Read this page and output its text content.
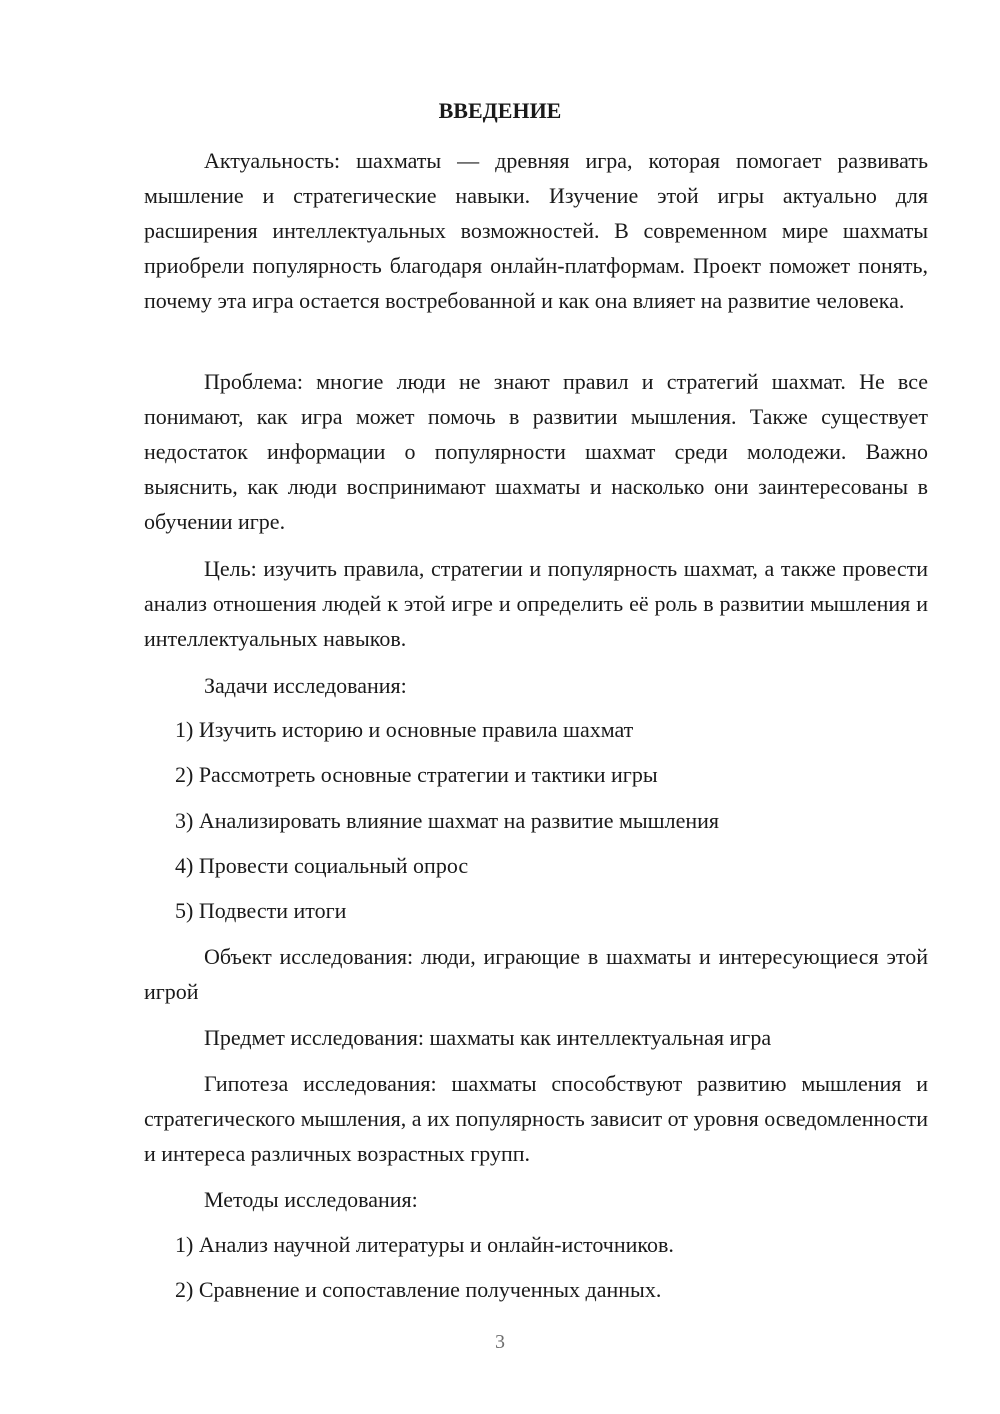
ВВЕДЕНИЕ

Актуальность: шахматы — древняя игра, которая помогает развивать мышление и стратегические навыки. Изучение этой игры актуально для расширения интеллектуальных возможностей. В современном мире шахматы приобрели популярность благодаря онлайн-платформам. Проект поможет понять, почему эта игра остается востребованной и как она влияет на развитие человека.

Проблема: многие люди не знают правил и стратегий шахмат. Не все понимают, как игра может помочь в развитии мышления. Также существует недостаток информации о популярности шахмат среди молодежи. Важно выяснить, как люди воспринимают шахматы и насколько они заинтересованы в обучении игре.

Цель: изучить правила, стратегии и популярность шахмат, а также провести анализ отношения людей к этой игре и определить её роль в развитии мышления и интеллектуальных навыков.

Задачи исследования:

1) Изучить историю и основные правила шахмат

2) Рассмотреть основные стратегии и тактики игры

3) Анализировать влияние шахмат на развитие мышления

4) Провести социальный опрос

5) Подвести итоги

Объект исследования: люди, играющие в шахматы и интересующиеся этой игрой

Предмет исследования: шахматы как интеллектуальная игра

Гипотеза исследования: шахматы способствуют развитию мышления и стратегического мышления, а их популярность зависит от уровня осведомленности и интереса различных возрастных групп.

Методы исследования:

1) Анализ научной литературы и онлайн-источников.

2) Сравнение и сопоставление полученных данных.

3
